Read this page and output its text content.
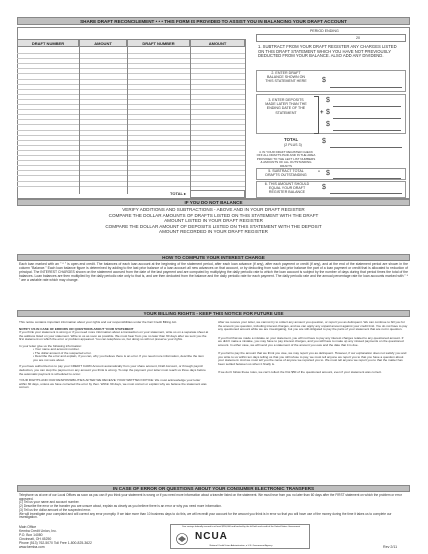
SHARE DRAFT RECONCILEMENT • • • THIS FORM IS PROVIDED TO ASSIST YOU IN BALANCING YOUR DRAFT ACCOUNT
DRAFT NUMBER	AMOUNT	DRAFT NUMBER	AMOUNT
TOTAL ▸
PERIOD ENDING
20
1. SUBTRACT FROM YOUR DRAFT REGISTER ANY CHARGES LISTED ON THIS DRAFT STATEMENT WHICH YOU HAVE NOT PREVIOUSLY DEDUCTED FROM YOUR BALANCE. ALSO ADD ANY DIVIDEND.
2. ENTER DRAFT BALANCE SHOWN ON THIS STATEMENT HERE $
3. ENTER DEPOSITS MADE LATER THAN THE ENDING DATE OF THE STATEMENT	+
$
$
$
TOTAL
(2 PLUS 3)	$
4. IN YOUR DRAFT REGISTER CHECK OFF ALL DRAFTS PAID AND IN THE AREA PROVIDED TO THE LEFT LIST NUMBERS & AMOUNTS OF ALL OUTSTANDING DRAFTS
5. SUBTRACT TOTAL DRAFTS OUTSTANDING
- $
6. THIS AMOUNT SHOULD EQUAL YOUR DRAFT REGISTER BALANCE
$
IF YOU DO NOT BALANCE
VERIFY ADDITIONS AND SUBTRACTIONS - ABOVE AND IN YOUR DRAFT REGISTER
COMPARE THE DOLLAR AMOUNTS OF DRAFTS LISTED ON THIS STATEMENT WITH THE DRAFT
AMOUNT LISTED IN YOUR DRAFT REGISTER
COMPARE THE DOLLAR AMOUNT OF DEPOSITS LISTED ON THIS STATEMENT WITH THE DEPOSIT
AMOUNT RECORDED IN YOUR DRAFT REGISTER
HOW TO COMPUTE YOUR INTEREST CHARGE
Each loan marked with an " * " is open-end credit. The balances of each loan account at the beginning of the statement period, after each loan advance (if any), after each payment or credit (if any), and at the end of the statement period are shown in the column "Balance." Each loan balance figure is determined by adding to the last prior balance of a loan account all new advances on that account, or by deducting from such last prior balance the part of a loan payment or credit that is allocated to reduction of principal. The INTEREST CHARGES shown on the statement accrued from the date of the last payment and are computed by multiplying the daily periodic rate to which the loan account is subject by the number of days during that period times the total of the balances. Loan balances are then multiplied by the daily periodic rate only to that is, and are then deducted from the balance and the daily periodic rate for each payment. The daily periodic rate and the annual percentage rate for loan accounts marked with " * " are a variable rate which may change.
YOUR BILLING RIGHTS - KEEP THIS NOTICE FOR FUTURE USE

This notice contains important information about your rights and our responsibilities under the Fair Credit Billing Act.

NOTIFY US IN CASE OF ERRORS OR QUESTIONS ABOUT YOUR STATEMENT

If you think your statement is wrong or if you need more information about a transaction on your statement, write us on a separate sheet at the address listed on your statement. Write to us as soon as possible. We must hear from you no later than 60 days after we sent you the first statement on which the error or problem appeared. You can telephone us, but doing so will not preserve your rights.

In your letter give us the following information:

• Your name and account number.

• The dollar amount of the suspected error.

• Describe the error and explain, if you can, why you believe there is an error. If you need more information, describe the item you are not sure about.

If you have authorized us to pay your CREDIT CARD Account automatically from your share account, Draft Account, or through payroll deduction, you can stop the payment on any amount you think is wrong. To stop the payment your letter must reach us three days before the automatic payment is scheduled to occur.

YOUR RIGHTS AND OUR RESPONSIBILITIES AFTER WE RECEIVE YOUR WRITTEN NOTICE: We must acknowledge your letter within 30 days, unless we have corrected the error by then. Within 90 days, we must correct or explain why we believe the statement was correct.

After we receive your letter, we cannot try to collect any amount you question, or report you as delinquent. We can continue to bill you for the amount you question, including interest charges, and we can apply any unpaid amount against your credit limit. You do not have to pay any questioned amount while we are investigating, but you are still obligated to pay the parts of your statement that are not in question.

If you find that we made a mistake on your statement, you will not have to pay any interest charges related to any questioned amount. If we didn't make a mistake, you may have to pay interest charges, and you will have to make up any missed payments on the questioned amount. In either case, we will send you a statement of the amount you owe and the date that it is due.

If you fail to pay the amount that we think you owe, we may report you as delinquent. However, if our explanation does not satisfy you and you write to us within ten days telling us that you still refuse to pay, we must tell anyone we report you to that you have a question about your statement. And we must tell you the name of anyone we reported you to. We must tell anyone we report you to that the matter has been settled between us when it finally is.

If we don't follow these rules, we can't collect the first $50 of the questioned amount, even if your statement was correct.

IN CASE OF ERROR OR QUESTIONS ABOUT YOUR CONSUMER ELECTRONIC TRANSFERS
Telephone us at one of our Local Offices as soon as you can if you think your statement is wrong or if you need more information about a transfer listed on the statement. We must hear from you no later than 60 days after the FIRST statement on which the problem or error appeared.
(1) Tell us your name and account number.
(2) Describe the error or the transfer you are unsure about, explain as clearly as you believe there is an error or why you need more information.
(3) Tell us the dollar amount of the suspected error.
We will investigate your complaint and will correct any error promptly. If we take more than 10 business days to do this, we will recredit your account for the amount you think is in error so that you will have use of the money during the time it takes us to complete our investigation.
Main Office
Kemba Credit Union, Inc.
P.O. Box 14080
Cincinnati, OH 45250
Phone (513) 762-5070 Toll Free 1-800-825-3622
www.kemba.com
Your savings federally insured to at least $250,000 and backed by the full faith and credit of the United States Government
NCUA
National Credit Union Administration, a U.S. Government Agency	Rev 2/11
